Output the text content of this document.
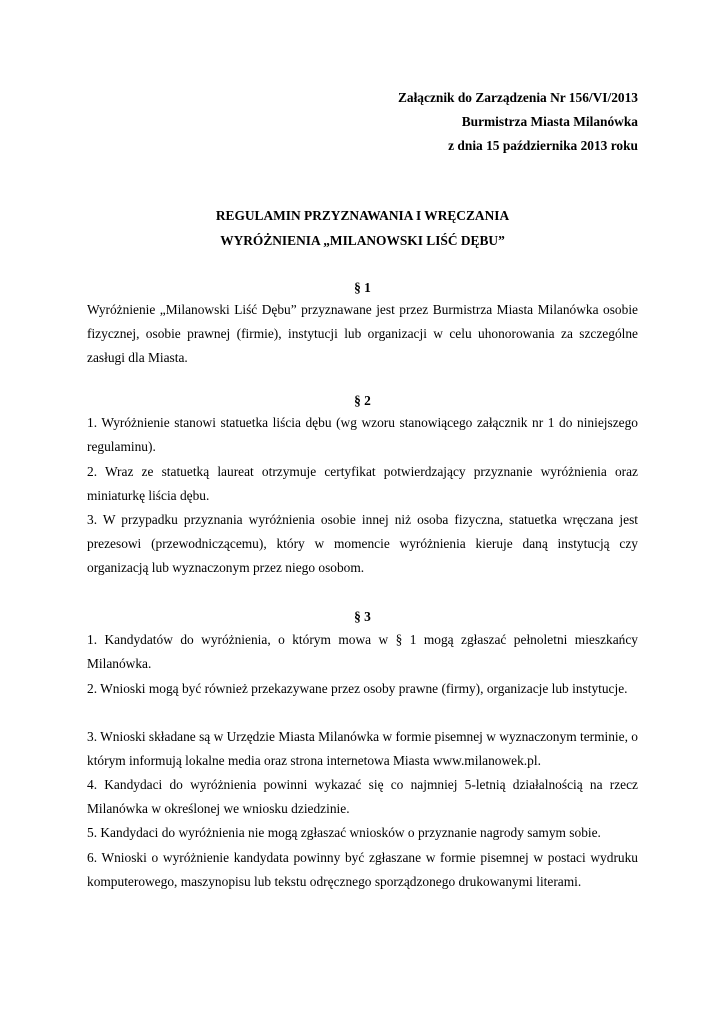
Załącznik do Zarządzenia Nr 156/VI/2013
Burmistrza Miasta Milanówka
z dnia 15 października 2013 roku
REGULAMIN PRZYZNAWANIA I WRĘCZANIA
WYRÓŻNIENIA „MILANOWSKI LIŚĆ DĘBU”
§ 1
Wyróżnienie „Milanowski Liść Dębu” przyznawane jest przez Burmistrza Miasta Milanówka osobie fizycznej, osobie prawnej (firmie), instytucji lub organizacji w celu uhonorowania za szczególne zasługi dla Miasta.
§ 2
1. Wyróżnienie stanowi statuetka liścia dębu (wg wzoru stanowiącego załącznik nr 1 do niniejszego regulaminu).
2. Wraz ze statuetką laureat otrzymuje certyfikat potwierdzający przyznanie wyróżnienia oraz miniaturkę liścia dębu.
3. W przypadku przyznania wyróżnienia osobie innej niż osoba fizyczna, statuetka wręczana jest prezesowi (przewodniczącemu), który w momencie wyróżnienia kieruje daną instytucją czy organizacją lub wyznaczonym przez niego osobom.
§ 3
1. Kandydatów do wyróżnienia, o którym mowa w § 1 mogą zgłaszać pełnoletni mieszkańcy Milanówka.
2. Wnioski mogą być również przekazywane przez osoby prawne (firmy), organizacje lub instytucje.
3. Wnioski składane są w Urzędzie Miasta Milanówka w formie pisemnej w wyznaczonym terminie, o którym informują lokalne media oraz strona internetowa Miasta www.milanowek.pl.
4. Kandydaci do wyróżnienia powinni wykazać się co najmniej 5-letnią działalnością na rzecz Milanówka w określonej we wniosku dziedzinie.
5. Kandydaci do wyróżnienia nie mogą zgłaszać wniosków o przyznanie nagrody samym sobie.
6. Wnioski o wyróżnienie kandydata powinny być zgłaszane w formie pisemnej w postaci wydruku komputerowego, maszynopisu lub tekstu odręcznego sporządzonego drukowanymi literami.
